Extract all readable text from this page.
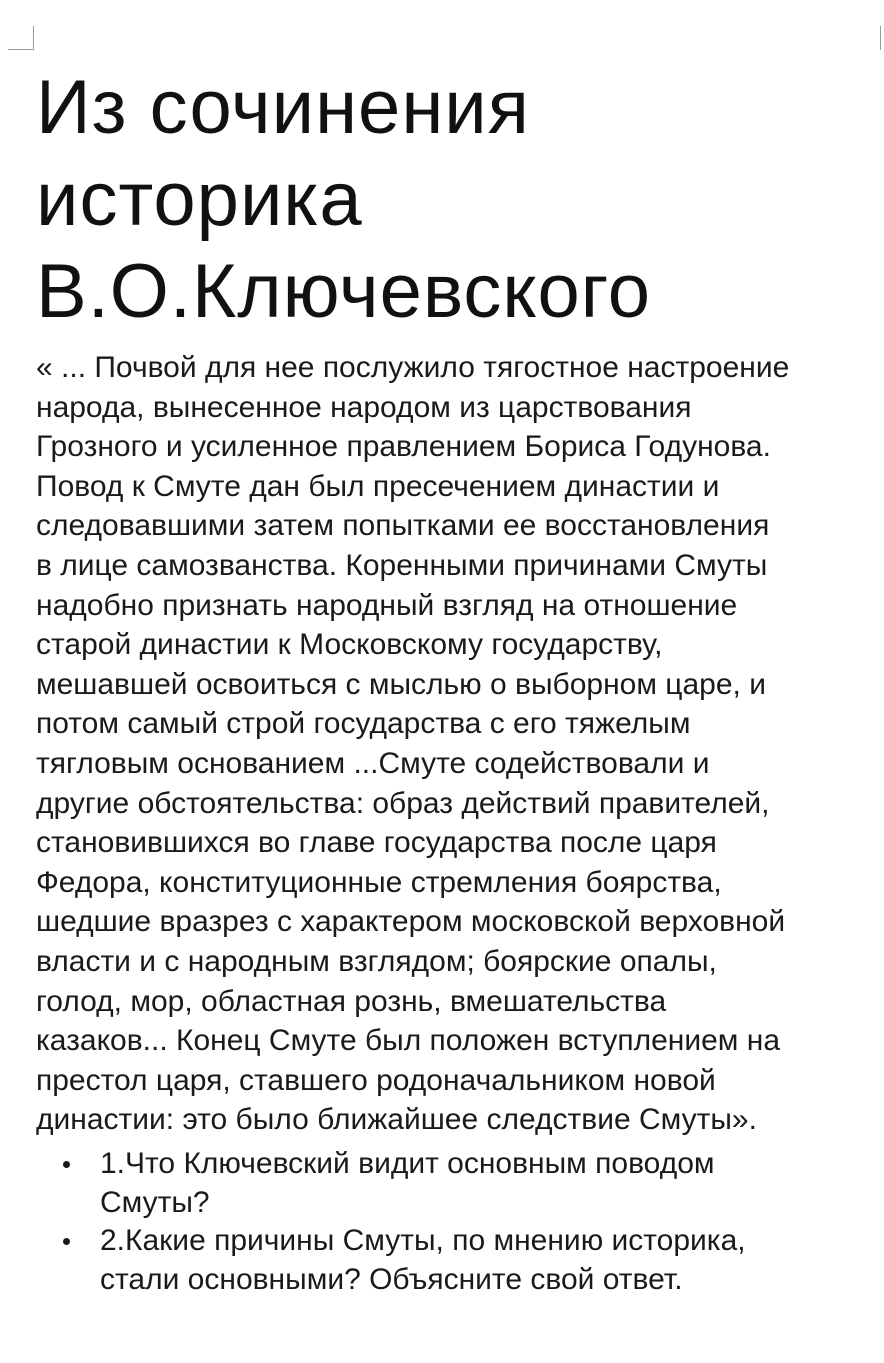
Из сочинения
историка
В.О.Ключевского
« ... Почвой для нее послужило тягостное настроение
народа, вынесенное народом из царствования
Грозного и усиленное правлением Бориса Годунова.
Повод к Смуте дан был пресечением династии и
следовавшими затем попытками ее восстановления
в лице самозванства. Коренными причинами Смуты
надобно признать народный взгляд на отношение
старой династии к Московскому государству,
мешавшей освоиться с мыслью о выборном царе, и
потом самый строй государства с его тяжелым
тягловым основанием ...Смуте содействовали и
другие обстоятельства: образ действий правителей,
становившихся во главе государства после царя
Федора, конституционные стремления боярства,
шедшие вразрез с характером московской верховной
власти и с народным взглядом; боярские опалы,
голод, мор, областная рознь, вмешательства
казаков... Конец Смуте был положен вступлением на
престол царя, ставшего родоначальником новой
династии: это было ближайшее следствие Смуты».
1.Что Ключевский видит основным поводом
Смуты?
2.Какие причины Смуты, по мнению историка,
стали основными? Объясните свой ответ.
